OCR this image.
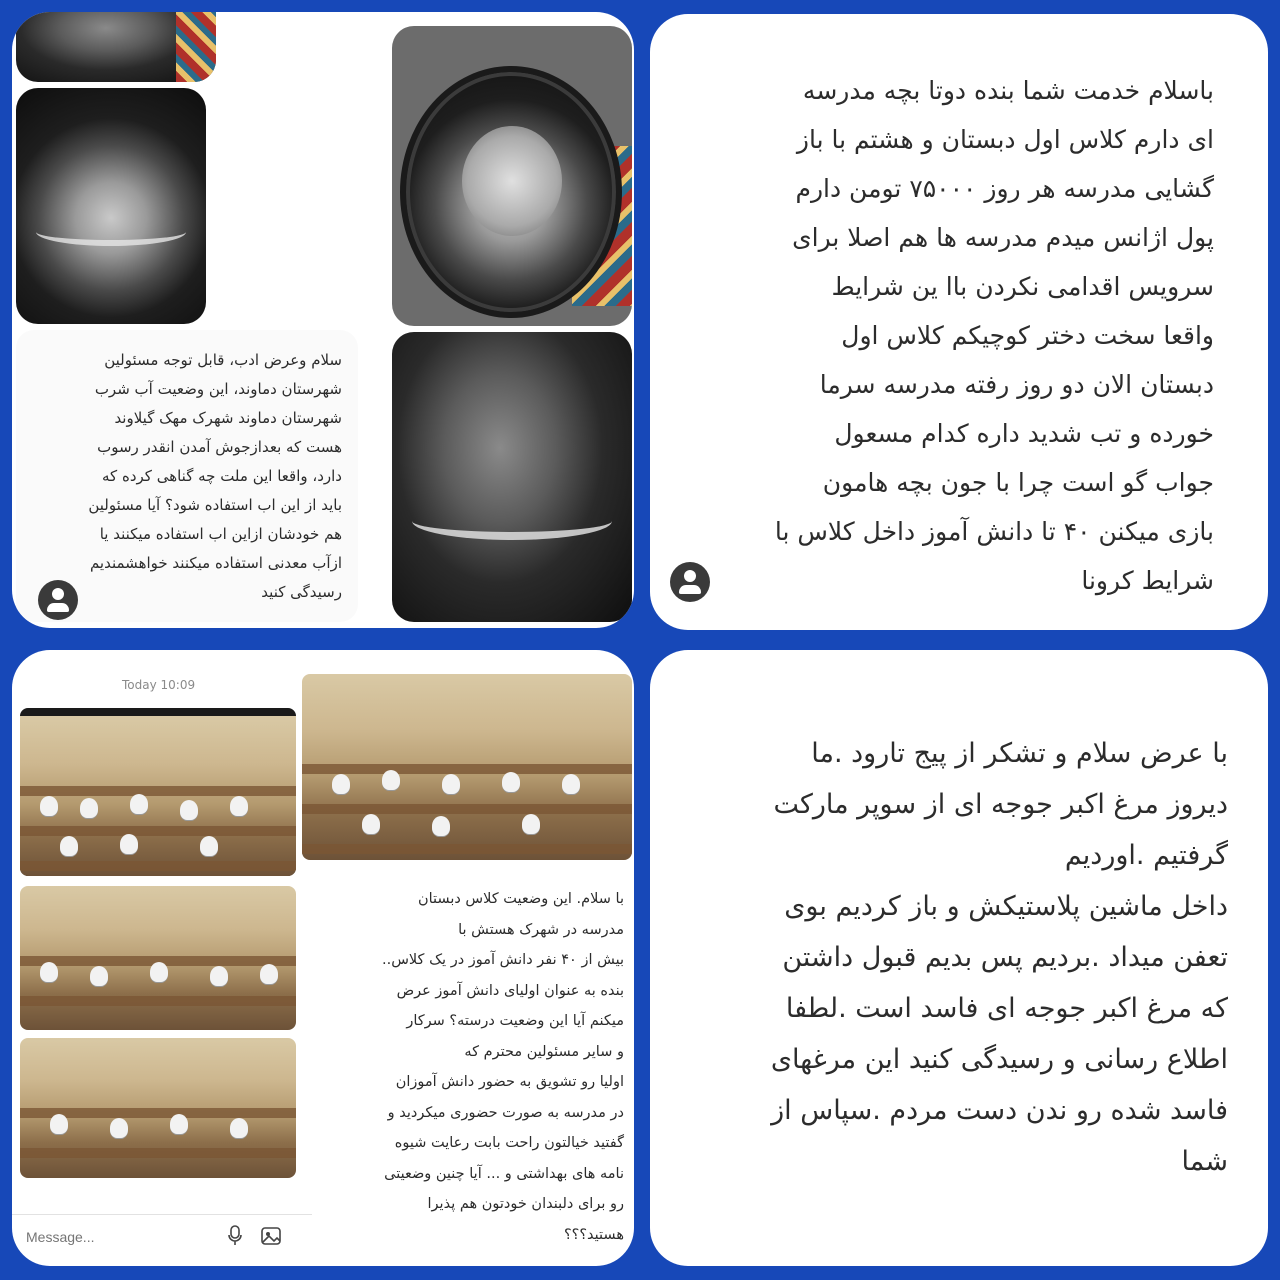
سلام وعرض ادب، قابل توجه مسئولین
شهرستان دماوند، این وضعیت آب شرب
شهرستان دماوند شهرک مهک گیلاوند
هست که بعدازجوش آمدن انقدر رسوب
دارد، واقعا این ملت چه گناهی کرده که
باید از این اب استفاده شود؟ آیا مسئولین
هم خودشان ازاین اب استفاده میکنند یا
ازآب معدنی استفاده میکنند خواهشمندیم
رسیدگی کنید
باسلام خدمت شما بنده دوتا بچه مدرسه
ای دارم کلاس اول دبستان و هشتم با باز
گشایی مدرسه هر روز ۷۵۰۰۰ تومن دارم
پول اژانس میدم مدرسه ها هم اصلا برای
سرویس اقدامی نکردن باا ین شرایط
واقعا سخت دختر کوچیکم کلاس اول
دبستان الان دو روز رفته مدرسه سرما
خورده و تب شدید داره کدام مسعول
جواب گو است چرا با جون بچه هامون
بازی میکنن ۴۰ تا دانش آموز داخل کلاس با
شرایط کرونا
Today 10:09
با سلام. این وضعیت کلاس دبستان
مدرسه در شهرک هستش با
بیش از ۴۰ نفر دانش آموز در یک کلاس..
بنده به عنوان اولیای دانش آموز عرض
میکنم آیا این وضعیت درسته؟ سرکار
و سایر مسئولین محترم که
اولیا رو تشویق به حضور دانش آموزان
در مدرسه به صورت حضوری میکردید و
گفتید خیالتون راحت بابت رعایت شیوه
نامه های بهداشتی و ... آیا چنین وضعیتی
رو برای دلبندان خودتون هم پذیرا
هستید؟؟؟
Message...
با عرض سلام و تشکر از پیج تارود .ما
دیروز مرغ اکبر جوجه ای از سوپر مارکت
گرفتیم .اوردیم
داخل ماشین پلاستیکش و باز کردیم بوی
تعفن میداد .بردیم پس بدیم قبول داشتن
که مرغ اکبر جوجه ای فاسد است .لطفا
اطلاع رسانی و رسیدگی کنید این مرغهای
فاسد شده رو ندن دست مردم .سپاس از
شما
